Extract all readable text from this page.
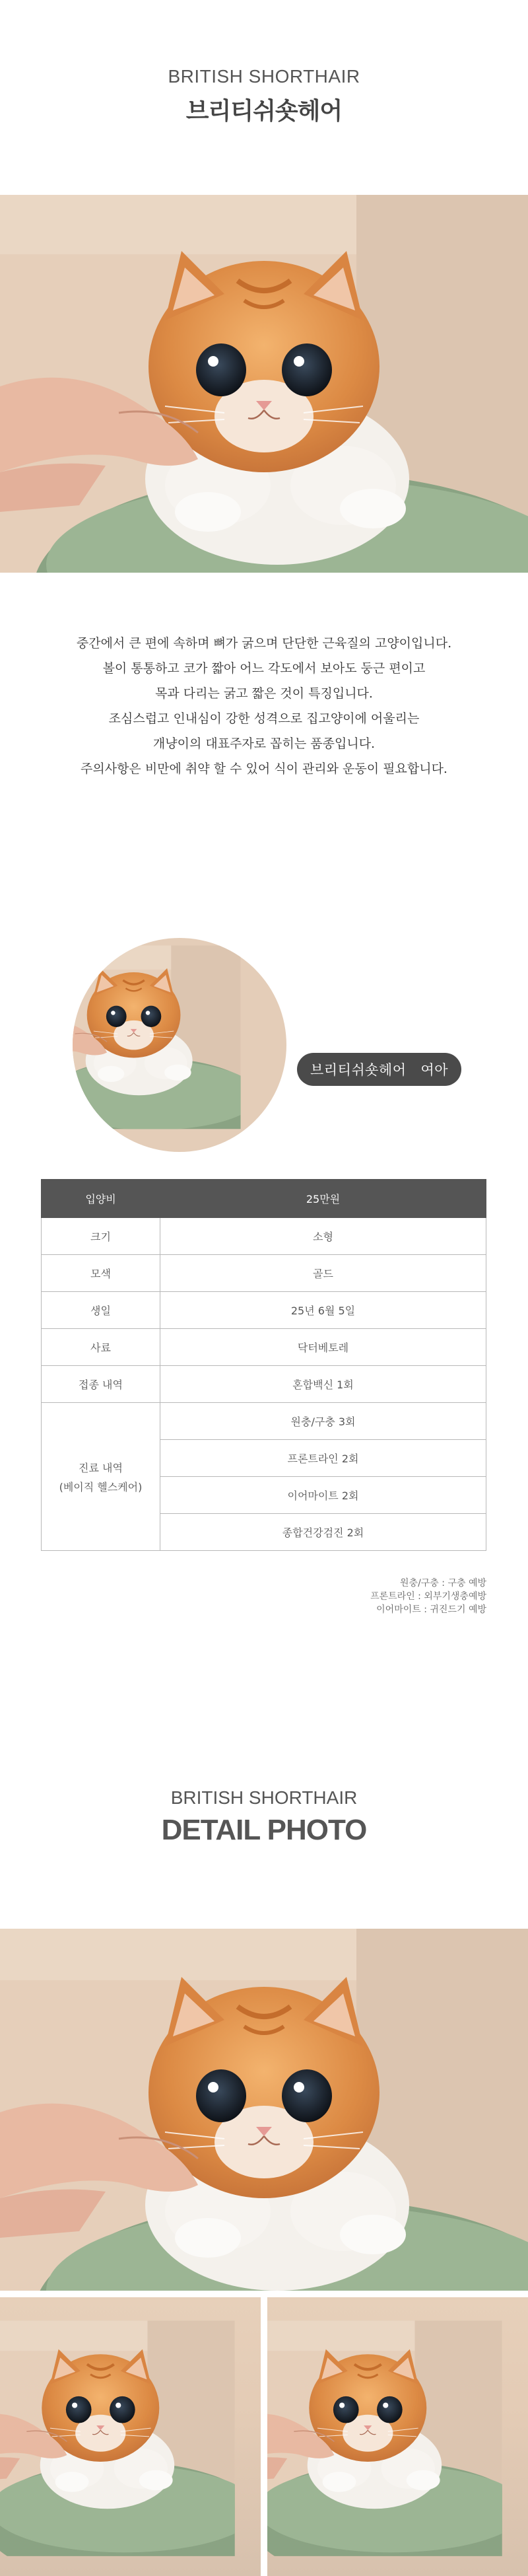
BRITISH SHORTHAIR
브리티쉬숏헤어

중간에서 큰 편에 속하며 뼈가 굵으며 단단한 근육질의 고양이입니다.

볼이 통통하고 코가 짧아 어느 각도에서 보아도 둥근 편이고

목과 다리는 굵고 짧은 것이 특징입니다.

조심스럽고 인내심이 강한 성격으로 집고양이에 어울리는

개냥이의 대표주자로 꼽히는 품종입니다.

주의사항은 비만에 취약 할 수 있어 식이 관리와 운동이 필요합니다.

브리티쉬숏헤어 여아
입양비	25만원
크기	소형
모색	골드
생일	25년 6월 5일
사료	닥터베토레
접종 내역	혼합백신 1회
진료 내역
(베이직 헬스케어)	원충/구충 3회
	프론트라인 2회
	이어마이트 2회
	종합건강검진 2회
원충/구충 : 구충 예방
프론트라인 : 외부기생충예방
이어마이트 : 귀진드기 예방
BRITISH SHORTHAIR
DETAIL PHOTO
